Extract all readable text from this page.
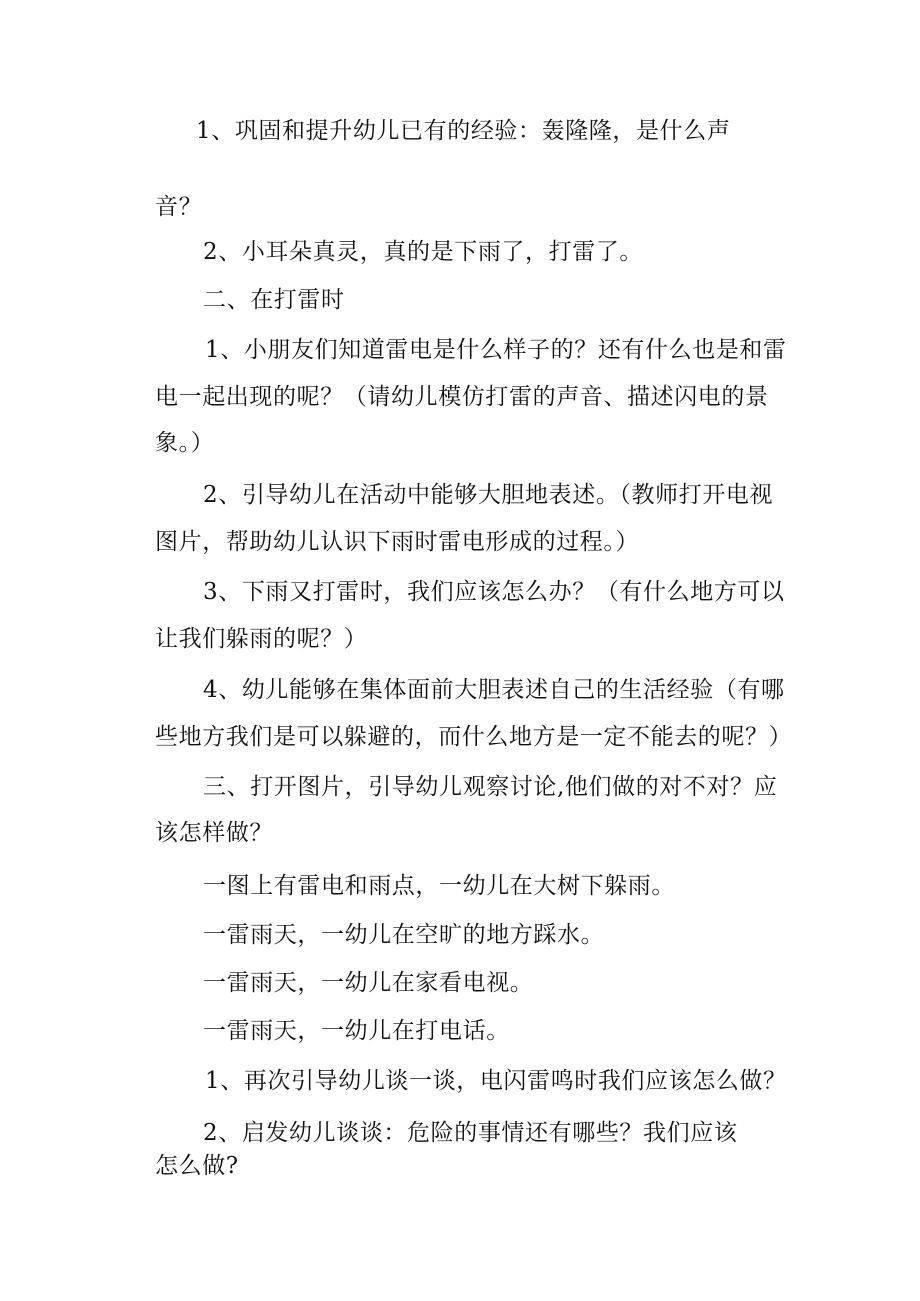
1、巩固和提升幼儿已有的经验：轰隆隆，是什么声

音？

2、小耳朵真灵，真的是下雨了，打雷了。

二、在打雷时

1、小朋友们知道雷电是什么样子的？还有什么也是和雷

电一起出现的呢？（请幼儿模仿打雷的声音、描述闪电的景

象。）

2、引导幼儿在活动中能够大胆地表述。（教师打开电视

图片，帮助幼儿认识下雨时雷电形成的过程。）

3、下雨又打雷时，我们应该怎么办？（有什么地方可以

让我们躲雨的呢？）

4、幼儿能够在集体面前大胆表述自己的生活经验（有哪

些地方我们是可以躲避的，而什么地方是一定不能去的呢？）

三、打开图片，引导幼儿观察讨论,他们做的对不对？应

该怎样做？

一图上有雷电和雨点，一幼儿在大树下躲雨。

一雷雨天，一幼儿在空旷的地方踩水。

一雷雨天，一幼儿在家看电视。

一雷雨天，一幼儿在打电话。

1、再次引导幼儿谈一谈，电闪雷鸣时我们应该怎么做？

2、启发幼儿谈谈：危险的事情还有哪些？我们应该

怎么做?
